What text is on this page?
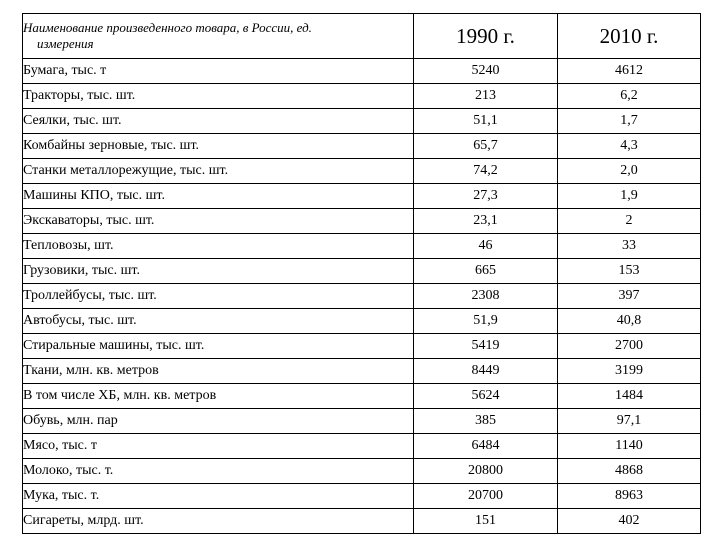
Наименование произведенного товара, в России, ед.
измерения	1990 г.	2010 г.
Бумага, тыс. т	5240	4612
Тракторы, тыс. шт.	213	6,2
Сеялки, тыс. шт.	51,1	1,7
Комбайны зерновые, тыс. шт.	65,7	4,3
Станки металлорежущие, тыс. шт.	74,2	2,0
Машины КПО, тыс. шт.	27,3	1,9
Экскаваторы, тыс. шт.	23,1	2
Тепловозы, шт.	46	33
Грузовики, тыс. шт.	665	153
Троллейбусы, тыс. шт.	2308	397
Автобусы, тыс. шт.	51,9	40,8
Стиральные машины, тыс. шт.	5419	2700
Ткани, млн. кв. метров	8449	3199
В том числе ХБ, млн. кв. метров	5624	1484
Обувь, млн. пар	385	97,1
Мясо, тыс. т	6484	1140
Молоко, тыс. т.	20800	4868
Мука, тыс. т.	20700	8963
Сигареты, млрд. шт.	151	402
